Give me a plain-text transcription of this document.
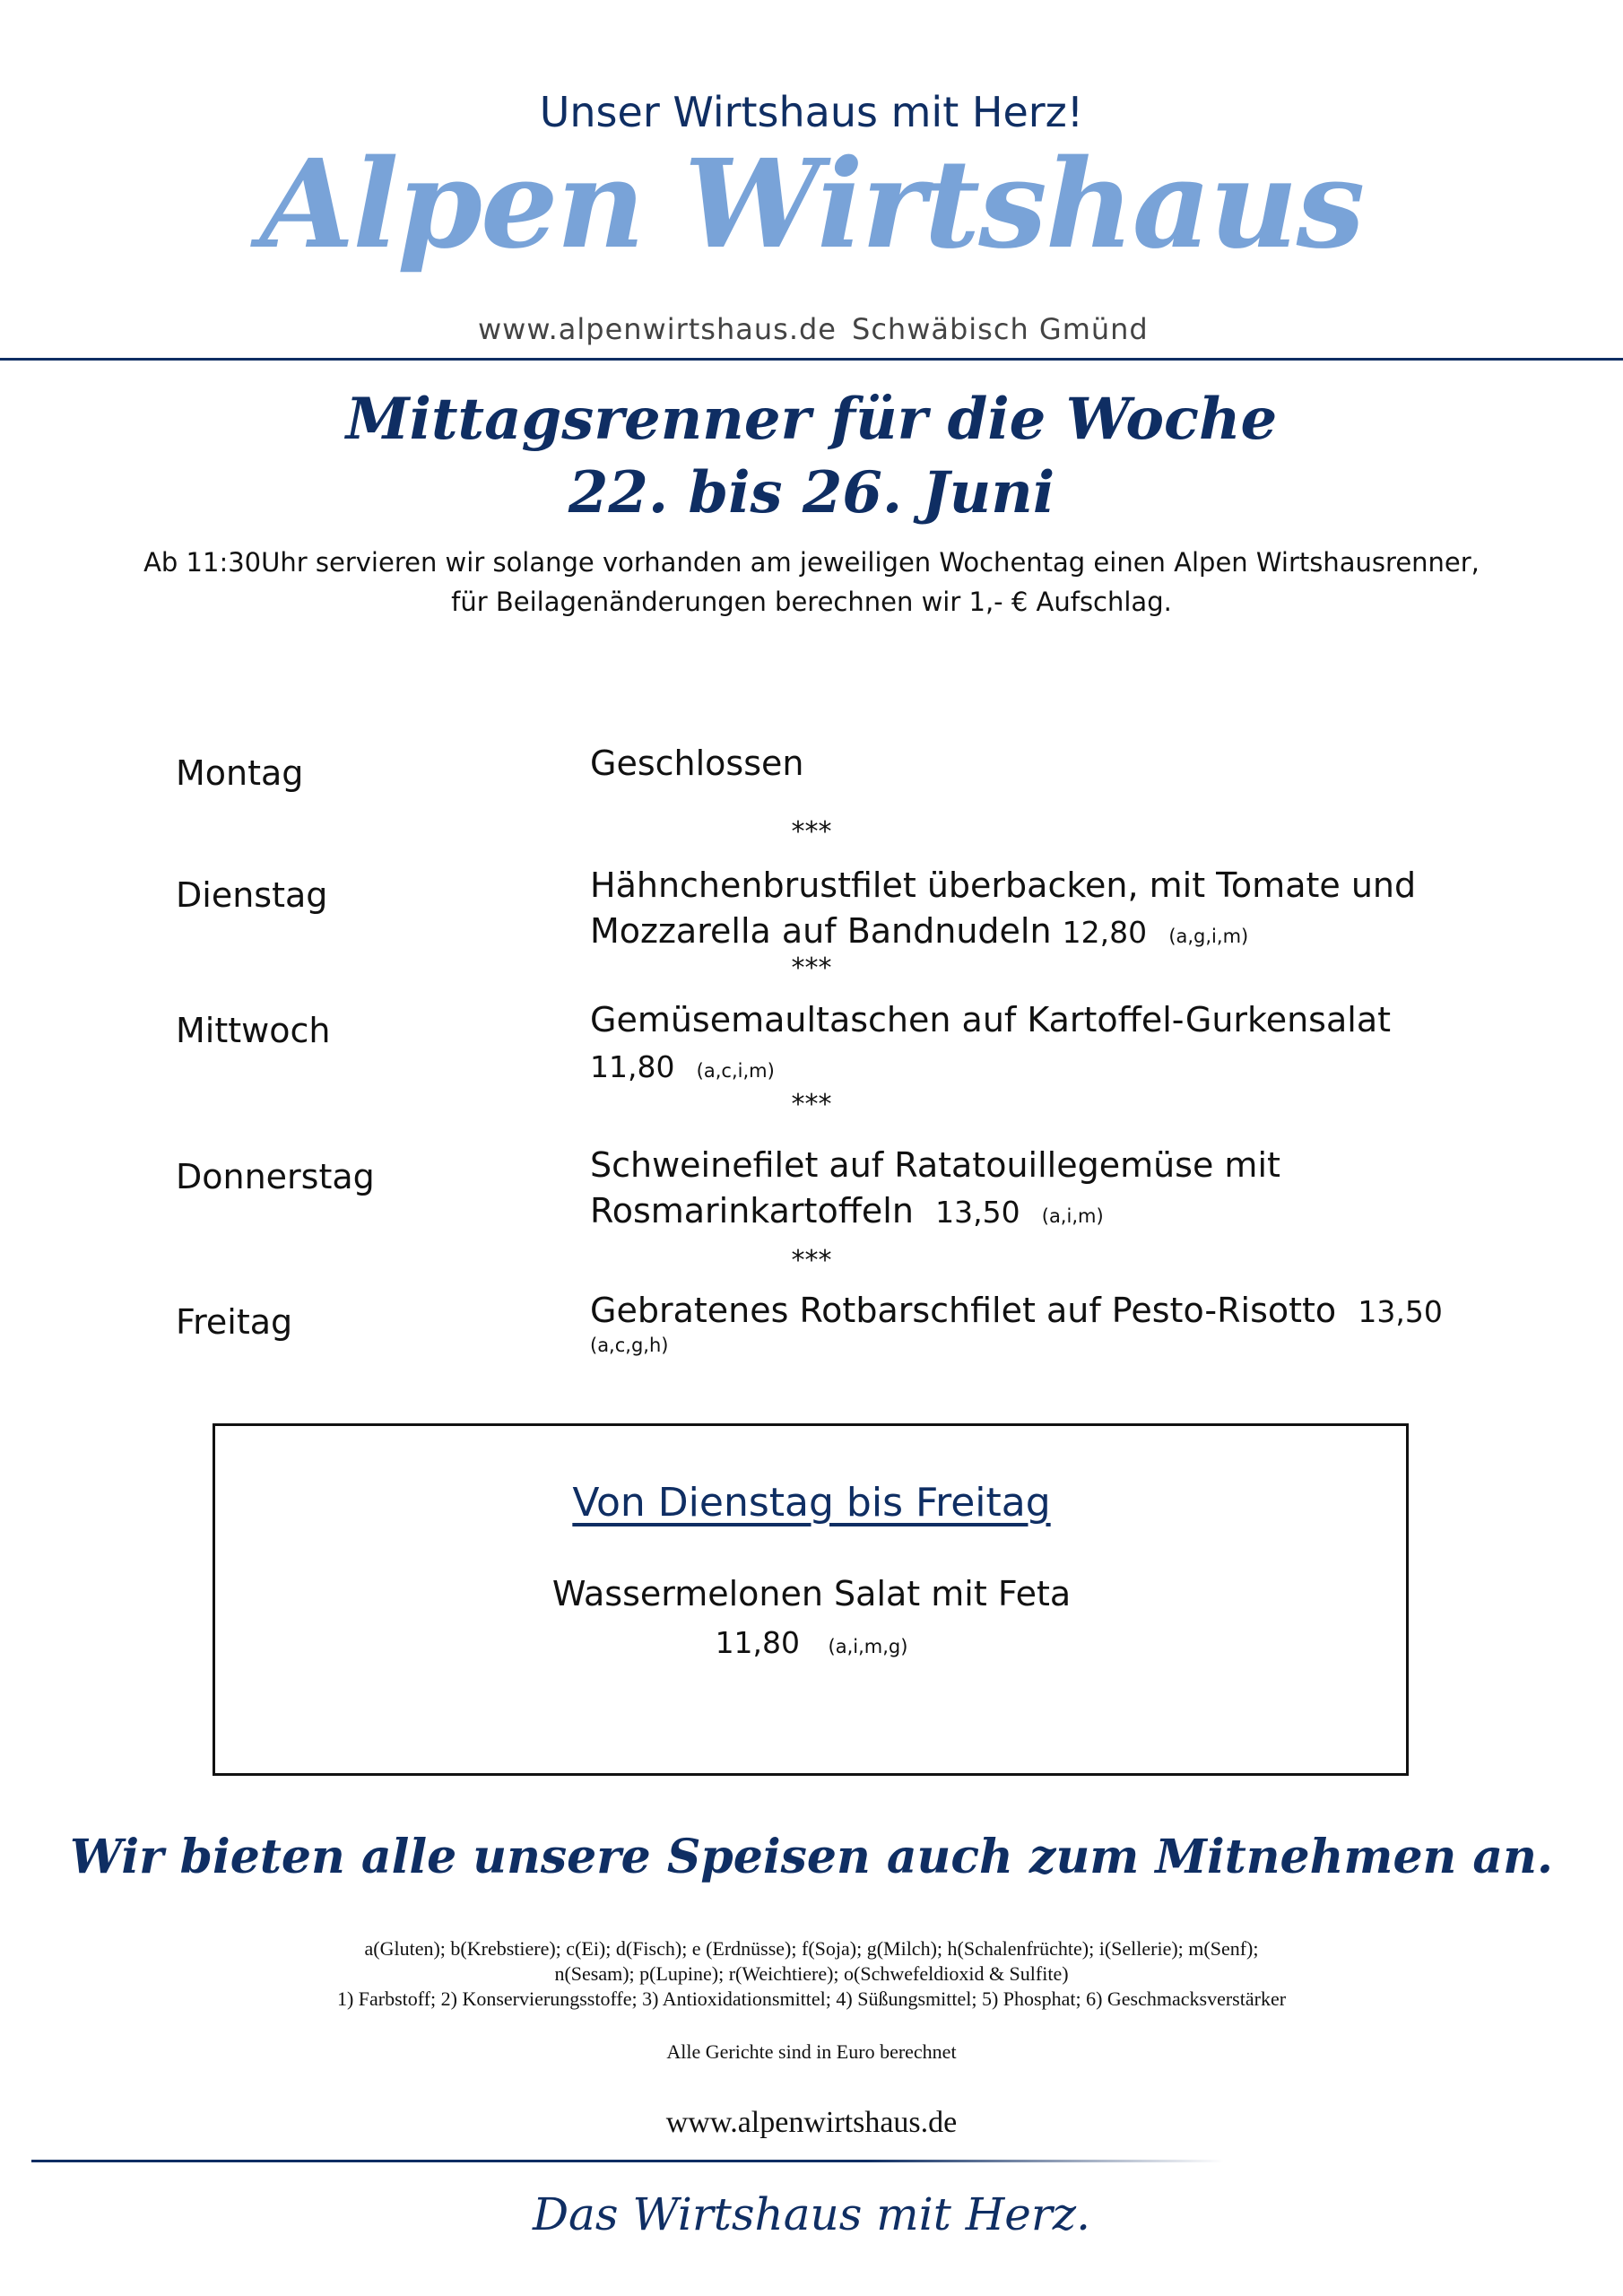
Unser Wirtshaus mit Herz!
Alpen Wirtshaus
www.alpenwirtshaus.de Schwäbisch Gmünd
Mittagsrenner für die Woche
22. bis 26. Juni
Ab 11:30Uhr servieren wir solange vorhanden am jeweiligen Wochentag einen Alpen Wirtshausrenner,
für Beilagenänderungen berechnen wir 1,- € Aufschlag.
Montag	Geschlossen
***
Dienstag	Hähnchenbrustfilet überbacken, mit Tomate und
Mozzarella auf Bandnudeln 12,80 (a,g,i,m)
***
Mittwoch	Gemüsemaultaschen auf Kartoffel-Gurkensalat
11,80 (a,c,i,m)
***
Donnerstag	Schweinefilet auf Ratatouillegemüse mit
Rosmarinkartoffeln 13,50 (a,i,m)
***
Freitag	Gebratenes Rotbarschfilet auf Pesto-Risotto 13,50
(a,c,g,h)
Von Dienstag bis Freitag
Wassermelonen Salat mit Feta
11,80 (a,i,m,g)
Wir bieten alle unsere Speisen auch zum Mitnehmen an.
a(Gluten); b(Krebstiere); c(Ei); d(Fisch); e (Erdnüsse); f(Soja); g(Milch); h(Schalenfrüchte); i(Sellerie); m(Senf);
n(Sesam); p(Lupine); r(Weichtiere); o(Schwefeldioxid & Sulfite)
1) Farbstoff; 2) Konservierungsstoffe; 3) Antioxidationsmittel; 4) Süßungsmittel; 5) Phosphat; 6) Geschmacksverstärker
Alle Gerichte sind in Euro berechnet
www.alpenwirtshaus.de
Das Wirtshaus mit Herz.
